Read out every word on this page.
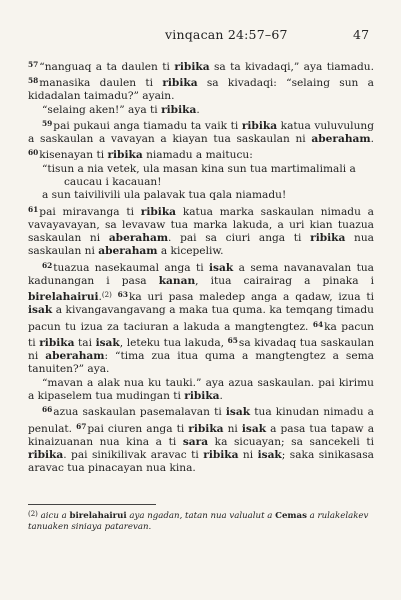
vinqacan 24:57–67	47

$^{57}$“nanguaq a ta daulen ti ribika sa ta kivadaqi,” aya tiamadu. $^{58}$manasika daulen ti ribika sa kivadaqi: “selaing sun a kidadalan taimadu?” ayain.

“selaing aken!” aya ti ribika.

$^{59}$pai pukaui anga tiamadu ta vaik ti ribika katua vuluvulung a saskaulan a vavayan a kiayan tua saskaulan ni aberaham. $^{60}$kisenayan ti ribika niamadu a maitucu:

“tisun a nia vetek, ula masan kina sun tua martimalimali a

caucau i kacauan!

a sun taivilivili ula palavak tua qala niamadu!

$^{61}$pai miravanga ti ribika katua marka saskaulan nimadu a vavayavayan, sa levavaw tua marka lakuda, a uri kian tuazua saskaulan ni aberaham. pai sa ciuri anga ti ribika nua saskaulan ni aberaham a kicepeliw.

$^{62}$tuazua nasekaumal anga ti isak a sema navanavalan tua kadunangan i pasa kanan, itua cairairag a pinaka i birelahairui.$^{(2)}$ $^{63}$ka uri pasa maledep anga a qadaw, izua ti isak a kivangavangavang a maka tua quma. ka temqang timadu pacun tu izua za taciuran a lakuda a mangtengtez. $^{64}$ka pacun ti ribika tai isak, leteku tua lakuda, $^{65}$sa kivadaq tua saskaulan ni aberaham: “tima zua itua quma a mangtengtez a sema tanuiten?” aya.

“mavan a alak nua ku tauki.” aya azua saskaulan. pai kirimu a kipaselem tua mudingan ti ribika.

$^{66}$azua saskaulan pasemalavan ti isak tua kinudan nimadu a penulat. $^{67}$pai ciuren anga ti ribika ni isak a pasa tua tapaw a kinaizuanan nua kina a ti sara ka sicuayan; sa sancekeli ti ribika. pai sinikilivak aravac ti ribika ni isak; saka sinikasasa aravac tua pinacayan nua kina.

$^{(2)}$ aicu a birelahairui aya ngadan, tatan nua valualut a Cemas a rulakelakev tanuaken siniaya patarevan.
